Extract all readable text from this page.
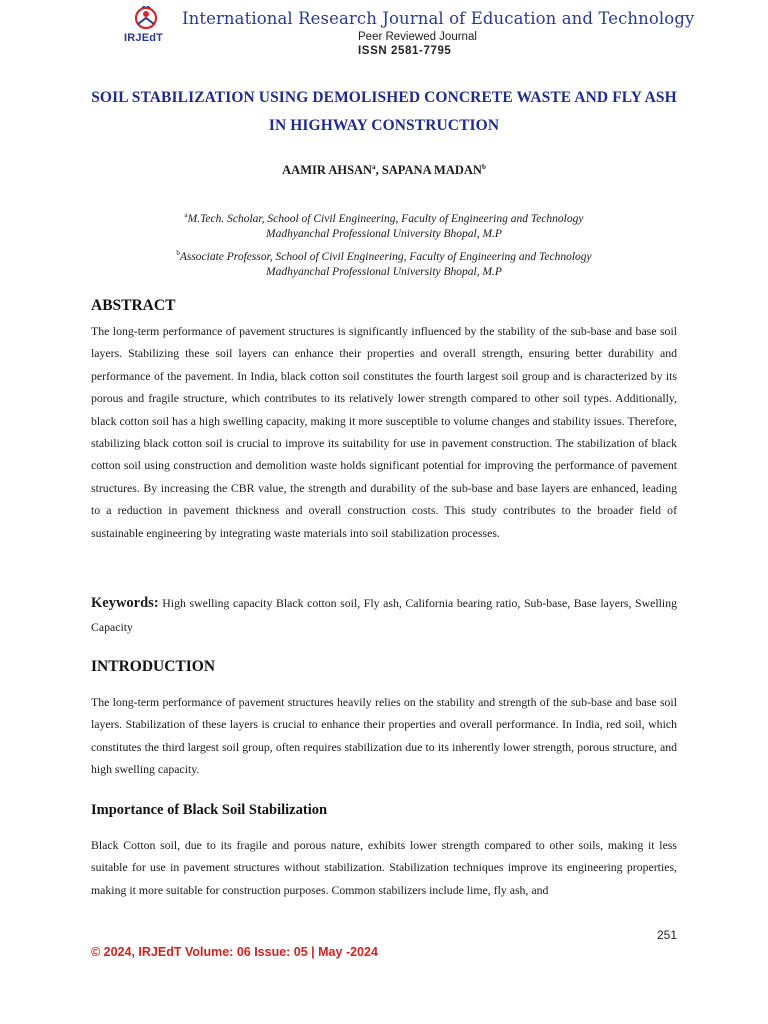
IRJEdT
International Research Journal of Education and Technology
Peer Reviewed Journal
ISSN 2581-7795
SOIL STABILIZATION USING DEMOLISHED CONCRETE WASTE AND FLY ASH
IN HIGHWAY CONSTRUCTION
AAMIR AHSAN$^a$, SAPANA MADAN$^b$
$^a$M.Tech. Scholar, School of Civil Engineering, Faculty of Engineering and Technology
Madhyanchal Professional University Bhopal, M.P
$^b$Associate Professor, School of Civil Engineering, Faculty of Engineering and Technology
Madhyanchal Professional University Bhopal, M.P
ABSTRACT

The long-term performance of pavement structures is significantly influenced by the stability of the sub-base and base soil layers. Stabilizing these soil layers can enhance their properties and overall strength, ensuring better durability and performance of the pavement. In India, black cotton soil constitutes the fourth largest soil group and is characterized by its porous and fragile structure, which contributes to its relatively lower strength compared to other soil types. Additionally, black cotton soil has a high swelling capacity, making it more susceptible to volume changes and stability issues. Therefore, stabilizing black cotton soil is crucial to improve its suitability for use in pavement construction. The stabilization of black cotton soil using construction and demolition waste holds significant potential for improving the performance of pavement structures. By increasing the CBR value, the strength and durability of the sub-base and base layers are enhanced, leading to a reduction in pavement thickness and overall construction costs. This study contributes to the broader field of sustainable engineering by integrating waste materials into soil stabilization processes.

Keywords: High swelling capacity Black cotton soil, Fly ash, California bearing ratio, Sub-base, Base layers, Swelling Capacity

INTRODUCTION

The long-term performance of pavement structures heavily relies on the stability and strength of the sub-base and base soil layers. Stabilization of these layers is crucial to enhance their properties and overall performance. In India, red soil, which constitutes the third largest soil group, often requires stabilization due to its inherently lower strength, porous structure, and high swelling capacity.

Importance of Black Soil Stabilization

Black Cotton soil, due to its fragile and porous nature, exhibits lower strength compared to other soils, making it less suitable for use in pavement structures without stabilization. Stabilization techniques improve its engineering properties, making it more suitable for construction purposes. Common stabilizers include lime, fly ash, and

251
© 2024, IRJEdT Volume: 06 Issue: 05 | May -2024
